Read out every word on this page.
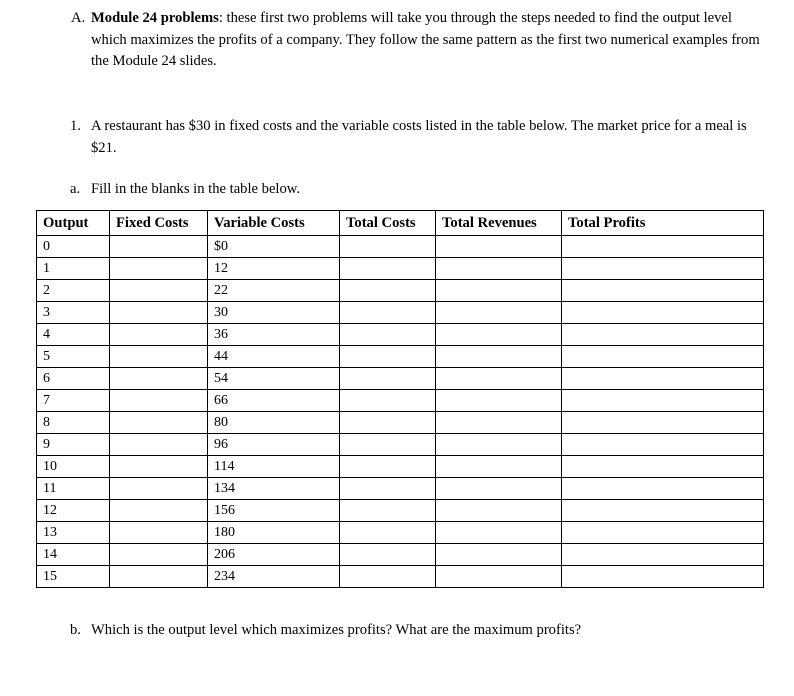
A. Module 24 problems: these first two problems will take you through the steps needed to find the output level which maximizes the profits of a company. They follow the same pattern as the first two numerical examples from the Module 24 slides.
1. A restaurant has $30 in fixed costs and the variable costs listed in the table below. The market price for a meal is $21.
a. Fill in the blanks in the table below.
Output	Fixed Costs	Variable Costs	Total Costs	Total Revenues	Total Profits
0		$0			
1		12			
2		22			
3		30			
4		36			
5		44			
6		54			
7		66			
8		80			
9		96			
10		114			
11		134			
12		156			
13		180			
14		206			
15		234			
b. Which is the output level which maximizes profits? What are the maximum profits?
